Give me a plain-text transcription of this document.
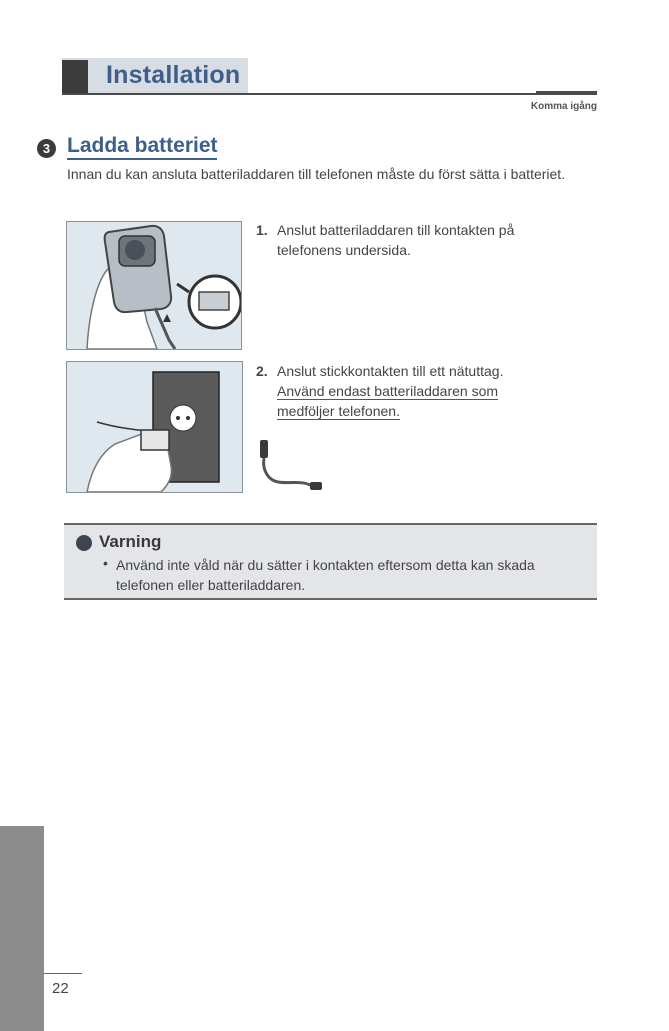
Installation
Komma igång
3 Ladda batteriet
Innan du kan ansluta batteriladdaren till telefonen måste du först sätta i batteriet.
1. Anslut batteriladdaren till kontakten på telefonens undersida.
2. Anslut stickkontakten till ett nätuttag.
Använd endast batteriladdaren som
medföljer telefonen.
Varning
• Använd inte våld när du sätter i kontakten eftersom detta kan skada telefonen eller batteriladdaren.
22
